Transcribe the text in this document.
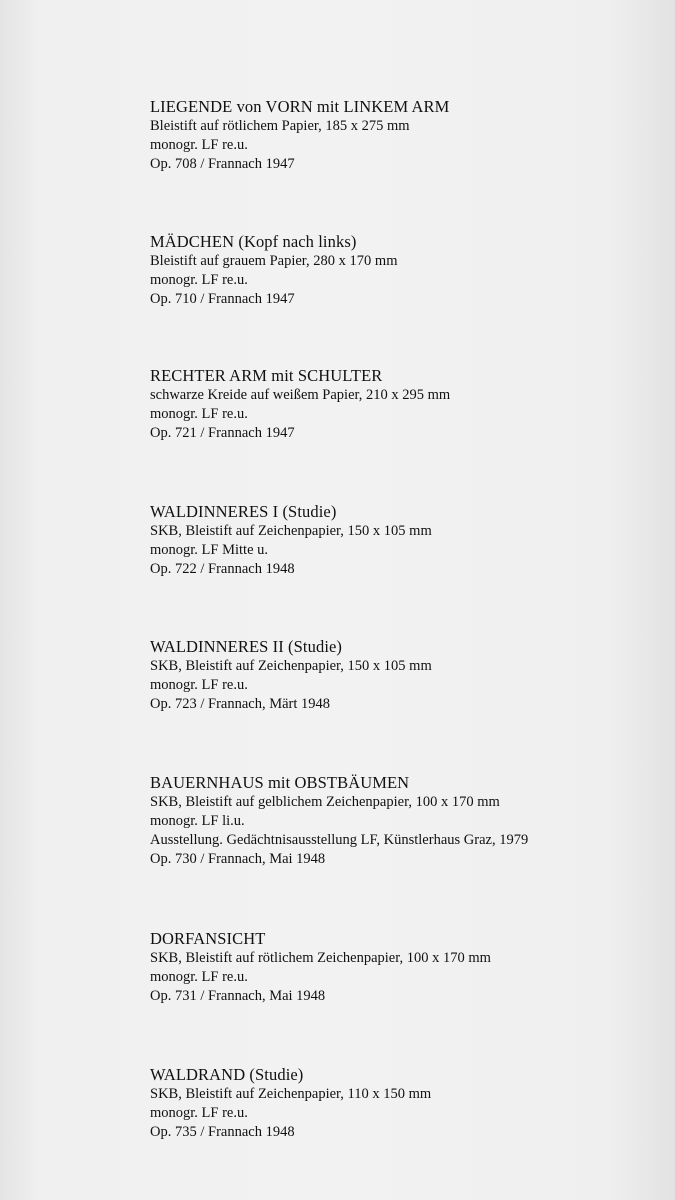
LIEGENDE von VORN mit LINKEM ARM
Bleistift auf rötlichem Papier, 185 x 275 mm
monogr. LF re.u.
Op. 708 / Frannach 1947
MÄDCHEN (Kopf nach links)
Bleistift auf grauem Papier, 280 x 170 mm
monogr. LF re.u.
Op. 710 / Frannach 1947
RECHTER ARM mit SCHULTER
schwarze Kreide auf weißem Papier, 210 x 295 mm
monogr. LF re.u.
Op. 721 / Frannach 1947
WALDINNERES I (Studie)
SKB, Bleistift auf Zeichenpapier, 150 x 105 mm
monogr. LF Mitte u.
Op. 722 / Frannach 1948
WALDINNERES II (Studie)
SKB, Bleistift auf Zeichenpapier, 150 x 105 mm
monogr. LF re.u.
Op. 723 / Frannach, Märt 1948
BAUERNHAUS mit OBSTBÄUMEN
SKB, Bleistift auf gelblichem Zeichenpapier, 100 x 170 mm
monogr. LF li.u.
Ausstellung. Gedächtnisausstellung LF, Künstlerhaus Graz, 1979
Op. 730 / Frannach, Mai 1948
DORFANSICHT
SKB, Bleistift auf rötlichem Zeichenpapier, 100 x 170 mm
monogr. LF re.u.
Op. 731 / Frannach, Mai 1948
WALDRAND (Studie)
SKB, Bleistift auf Zeichenpapier, 110 x 150 mm
monogr. LF re.u.
Op. 735 / Frannach 1948
